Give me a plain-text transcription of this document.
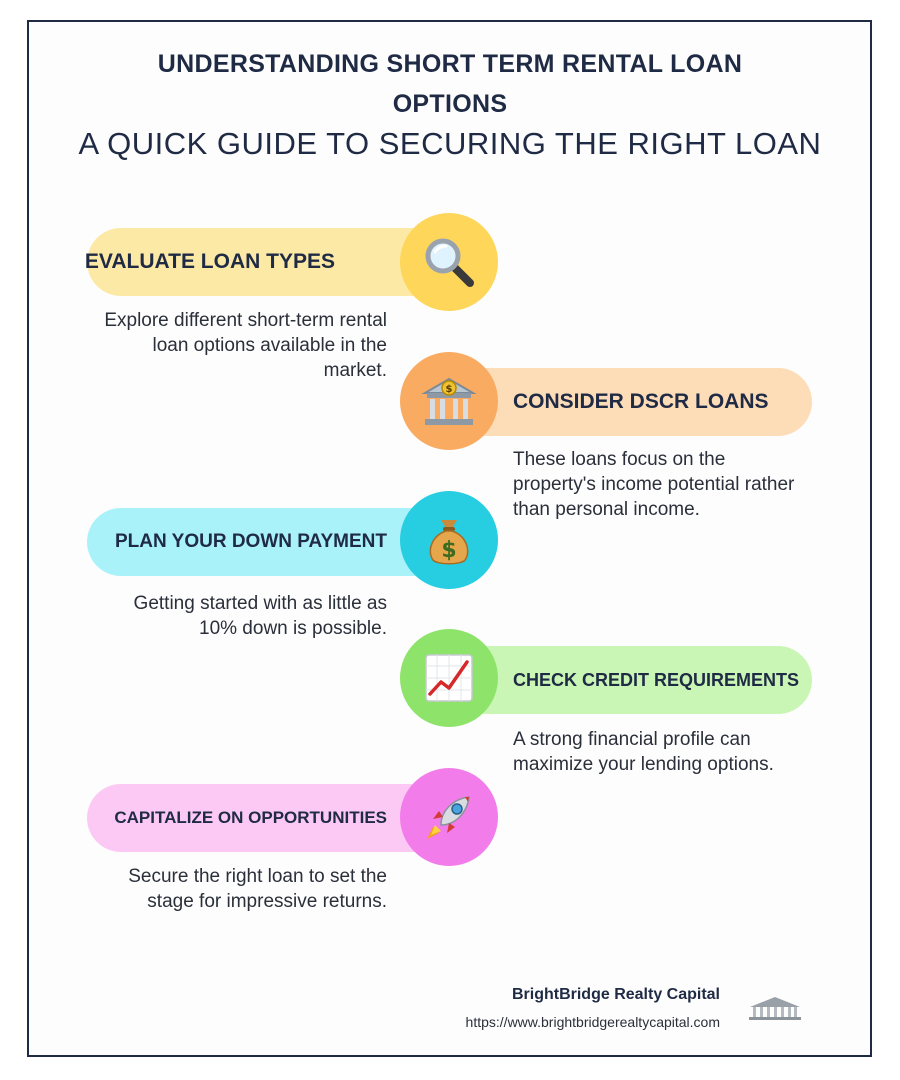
UNDERSTANDING SHORT TERM RENTAL LOAN OPTIONS
A QUICK GUIDE TO SECURING THE RIGHT LOAN
EVALUATE LOAN TYPES
Explore different short-term rental loan options available in the market.
CONSIDER DSCR LOANS
$
These loans focus on the property's income potential rather than personal income.
PLAN YOUR DOWN PAYMENT $
Getting started with as little as 10% down is possible.
CHECK CREDIT REQUIREMENTS
A strong financial profile can maximize your lending options.
CAPITALIZE ON OPPORTUNITIES
Secure the right loan to set the stage for impressive returns.
BrightBridge Realty Capital
https://www.brightbridgerealtycapital.com
